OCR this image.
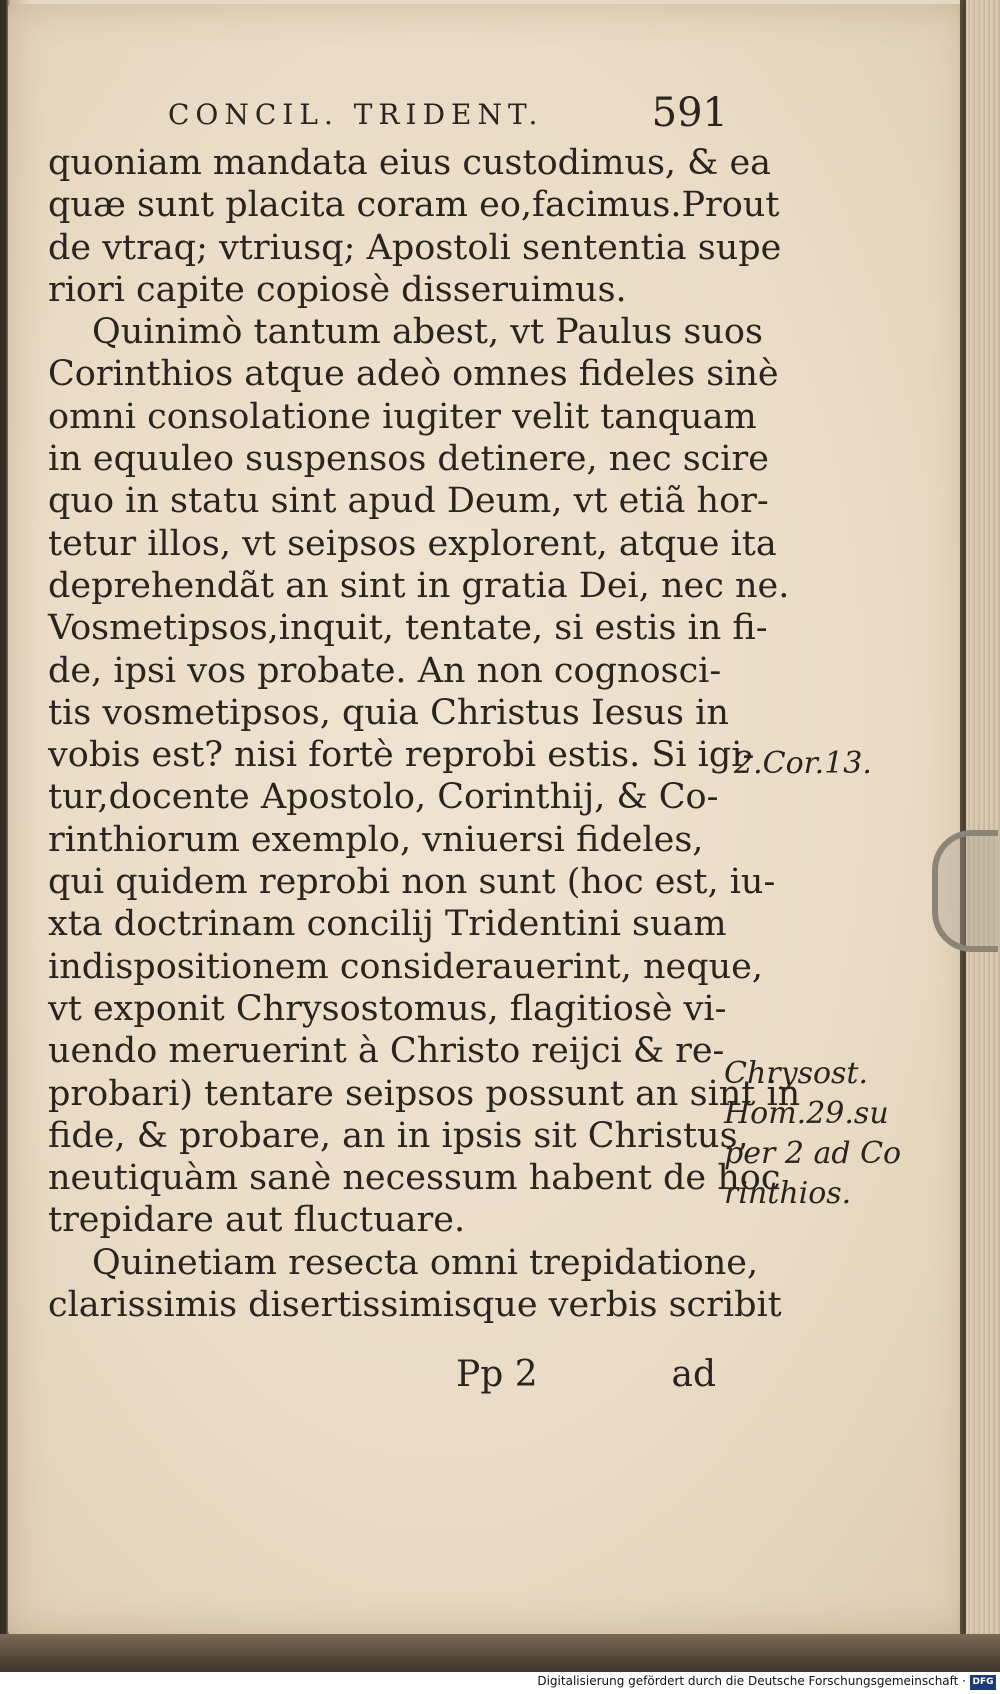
CONCIL. TRIDENT.	591
quoniam mandata eius custodimus, & ea
quæ sunt placita coram eo,facimus.Prout
de vtraq; vtriusq; Apostoli sententia supe
riori capite copiosè disseruimus.
Quinimò tantum abest, vt Paulus suos
Corinthios atque adeò omnes fideles sinè
omni consolatione iugiter velit tanquam
in equuleo suspensos detinere, nec scire
quo in statu sint apud Deum, vt etiã hor-
tetur illos, vt seipsos explorent, atque ita
deprehendãt an sint in gratia Dei, nec ne.
Vosmetipsos,inquit, tentate, si estis in fi-
de, ipsi vos probate. An non cognosci-
tis vosmetipsos, quia Christus Iesus in
vobis est? nisi fortè reprobi estis. Si igi-
tur,docente Apostolo, Corinthij, & Co-
rinthiorum exemplo, vniuersi fideles,
qui quidem reprobi non sunt (hoc est, iu-
xta doctrinam concilij Tridentini suam
indispositionem considerauerint, neque,
vt exponit Chrysostomus, flagitiosè vi-
uendo meruerint à Christo reijci & re-
probari) tentare seipsos possunt an sint in
fide, & probare, an in ipsis sit Christus,
neutiquàm sanè necessum habent de hoc
trepidare aut fluctuare.
Quinetiam resecta omni trepidatione,
clarissimis disertissimisque verbis scribit
2.Cor.13.
Chrysost.
Hom.29.su
per 2 ad Co
rinthios.
Pp 2	ad
Digitalisierung gefördert durch die Deutsche Forschungsgemeinschaft · DFG
